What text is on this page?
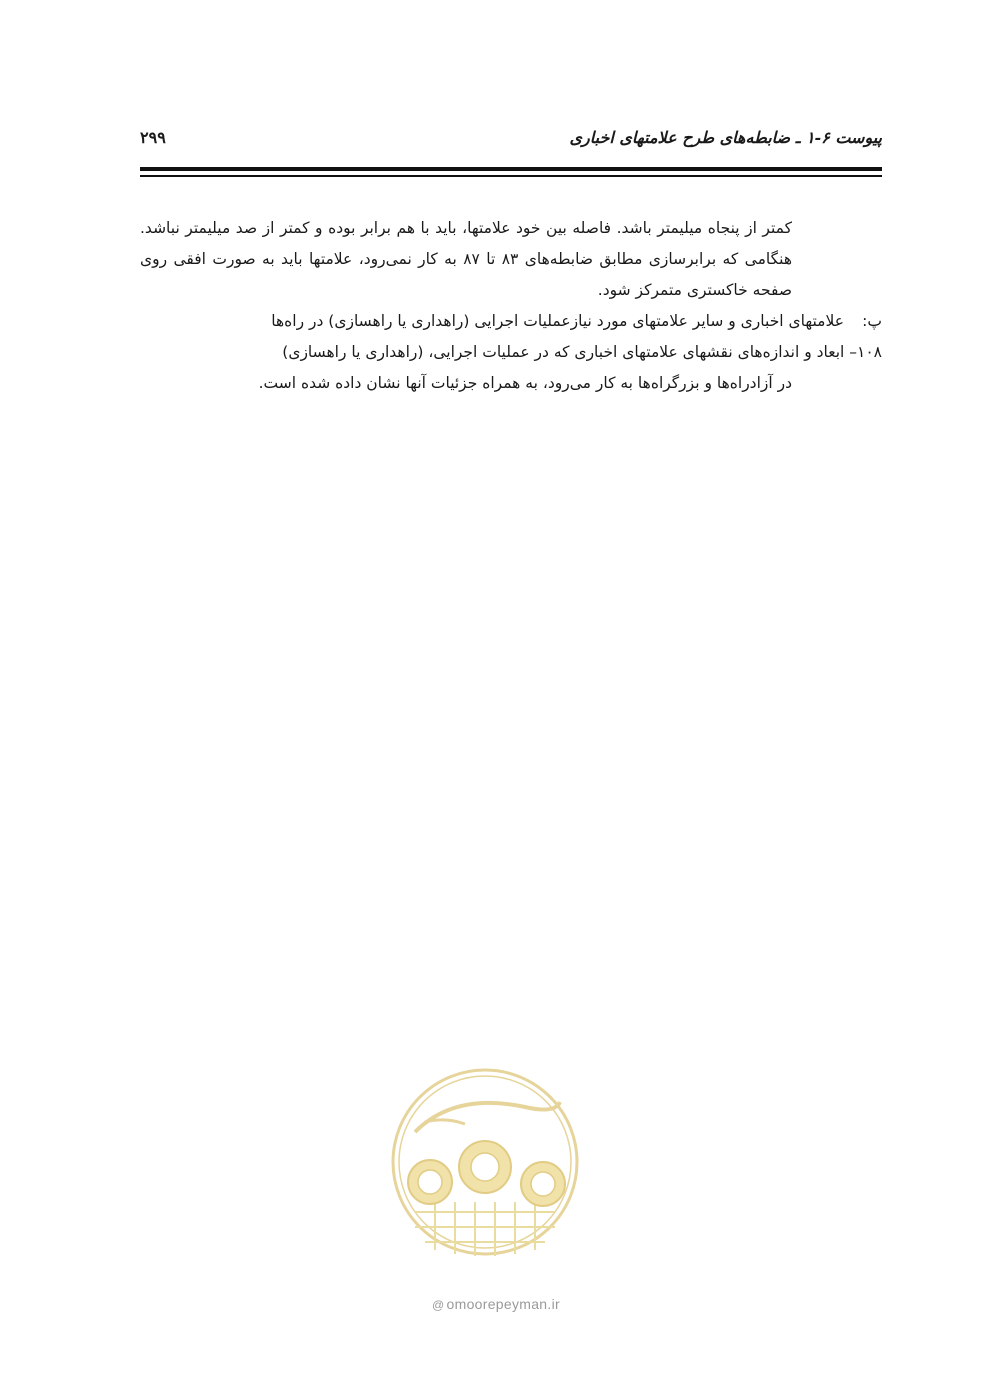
پیوست ۶-۱ ـ ضابطه‌های طرح علامتهای اخباری
۲۹۹

کمتر از پنجاه میلیمتر باشد. فاصله بین خود علامتها، باید با هم برابر بوده و کمتر از صد میلیمتر نباشد. هنگامی که برابرسازی مطابق ضابطه‌های ۸۳ تا ۸۷ به کار نمی‌رود، علامتها باید به صورت افقی روی صفحه خاکستری متمرکز شود.

پ:

علامتهای اخباری و سایر علامتهای مورد نیازعملیات اجرایی (راهداری یا راهسازی) در راه‌ها

۱۰۸– ابعاد و اندازه‌های نقشهای علامتهای اخباری که در عملیات اجرایی، (راهداری یا راهسازی)

در آزادراه‌ها و بزرگراه‌ها به کار می‌رود، به همراه جزئیات آنها نشان داده شده است.

@ omoorepeyman.ir
